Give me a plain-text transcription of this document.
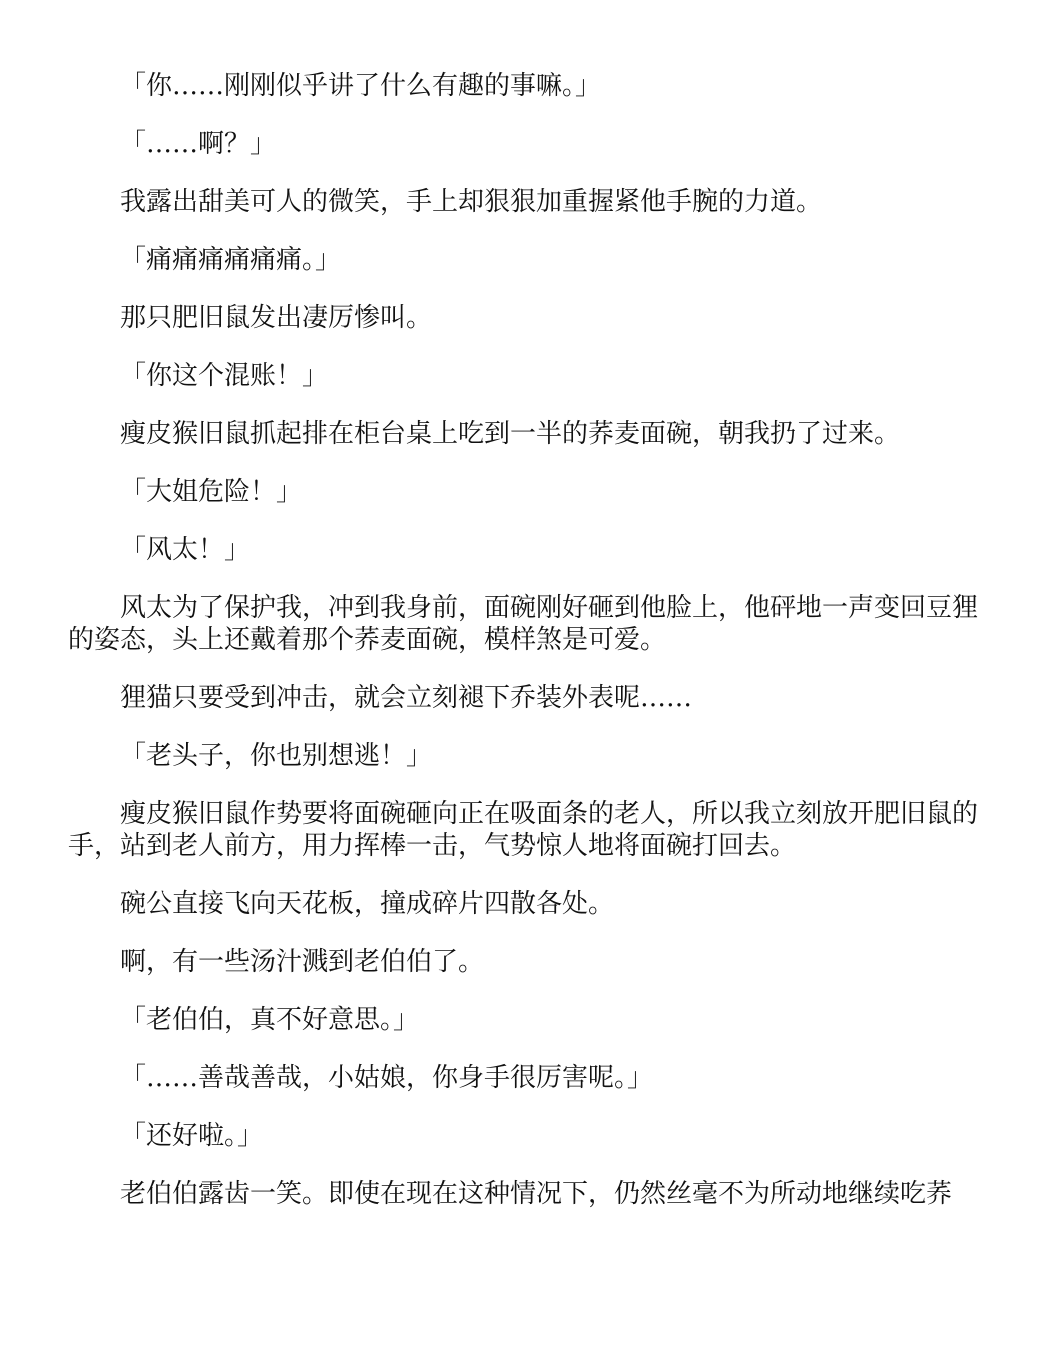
「你……刚刚似乎讲了什么有趣的事嘛。」

「……啊？」

我露出甜美可人的微笑，手上却狠狠加重握紧他手腕的力道。

「痛痛痛痛痛痛。」

那只肥旧鼠发出凄厉惨叫。

「你这个混账！」

瘦皮猴旧鼠抓起排在柜台桌上吃到一半的荞麦面碗，朝我扔了过来。

「大姐危险！」

「风太！」

风太为了保护我，冲到我身前，面碗刚好砸到他脸上，他砰地一声变回豆狸的姿态，头上还戴着那个荞麦面碗，模样煞是可爱。

狸猫只要受到冲击，就会立刻褪下乔装外表呢……

「老头子，你也别想逃！」

瘦皮猴旧鼠作势要将面碗砸向正在吸面条的老人，所以我立刻放开肥旧鼠的手，站到老人前方，用力挥棒一击，气势惊人地将面碗打回去。

碗公直接飞向天花板，撞成碎片四散各处。

啊，有一些汤汁溅到老伯伯了。

「老伯伯，真不好意思。」

「……善哉善哉，小姑娘，你身手很厉害呢。」

「还好啦。」

老伯伯露齿一笑。即使在现在这种情况下，仍然丝毫不为所动地继续吃荞
